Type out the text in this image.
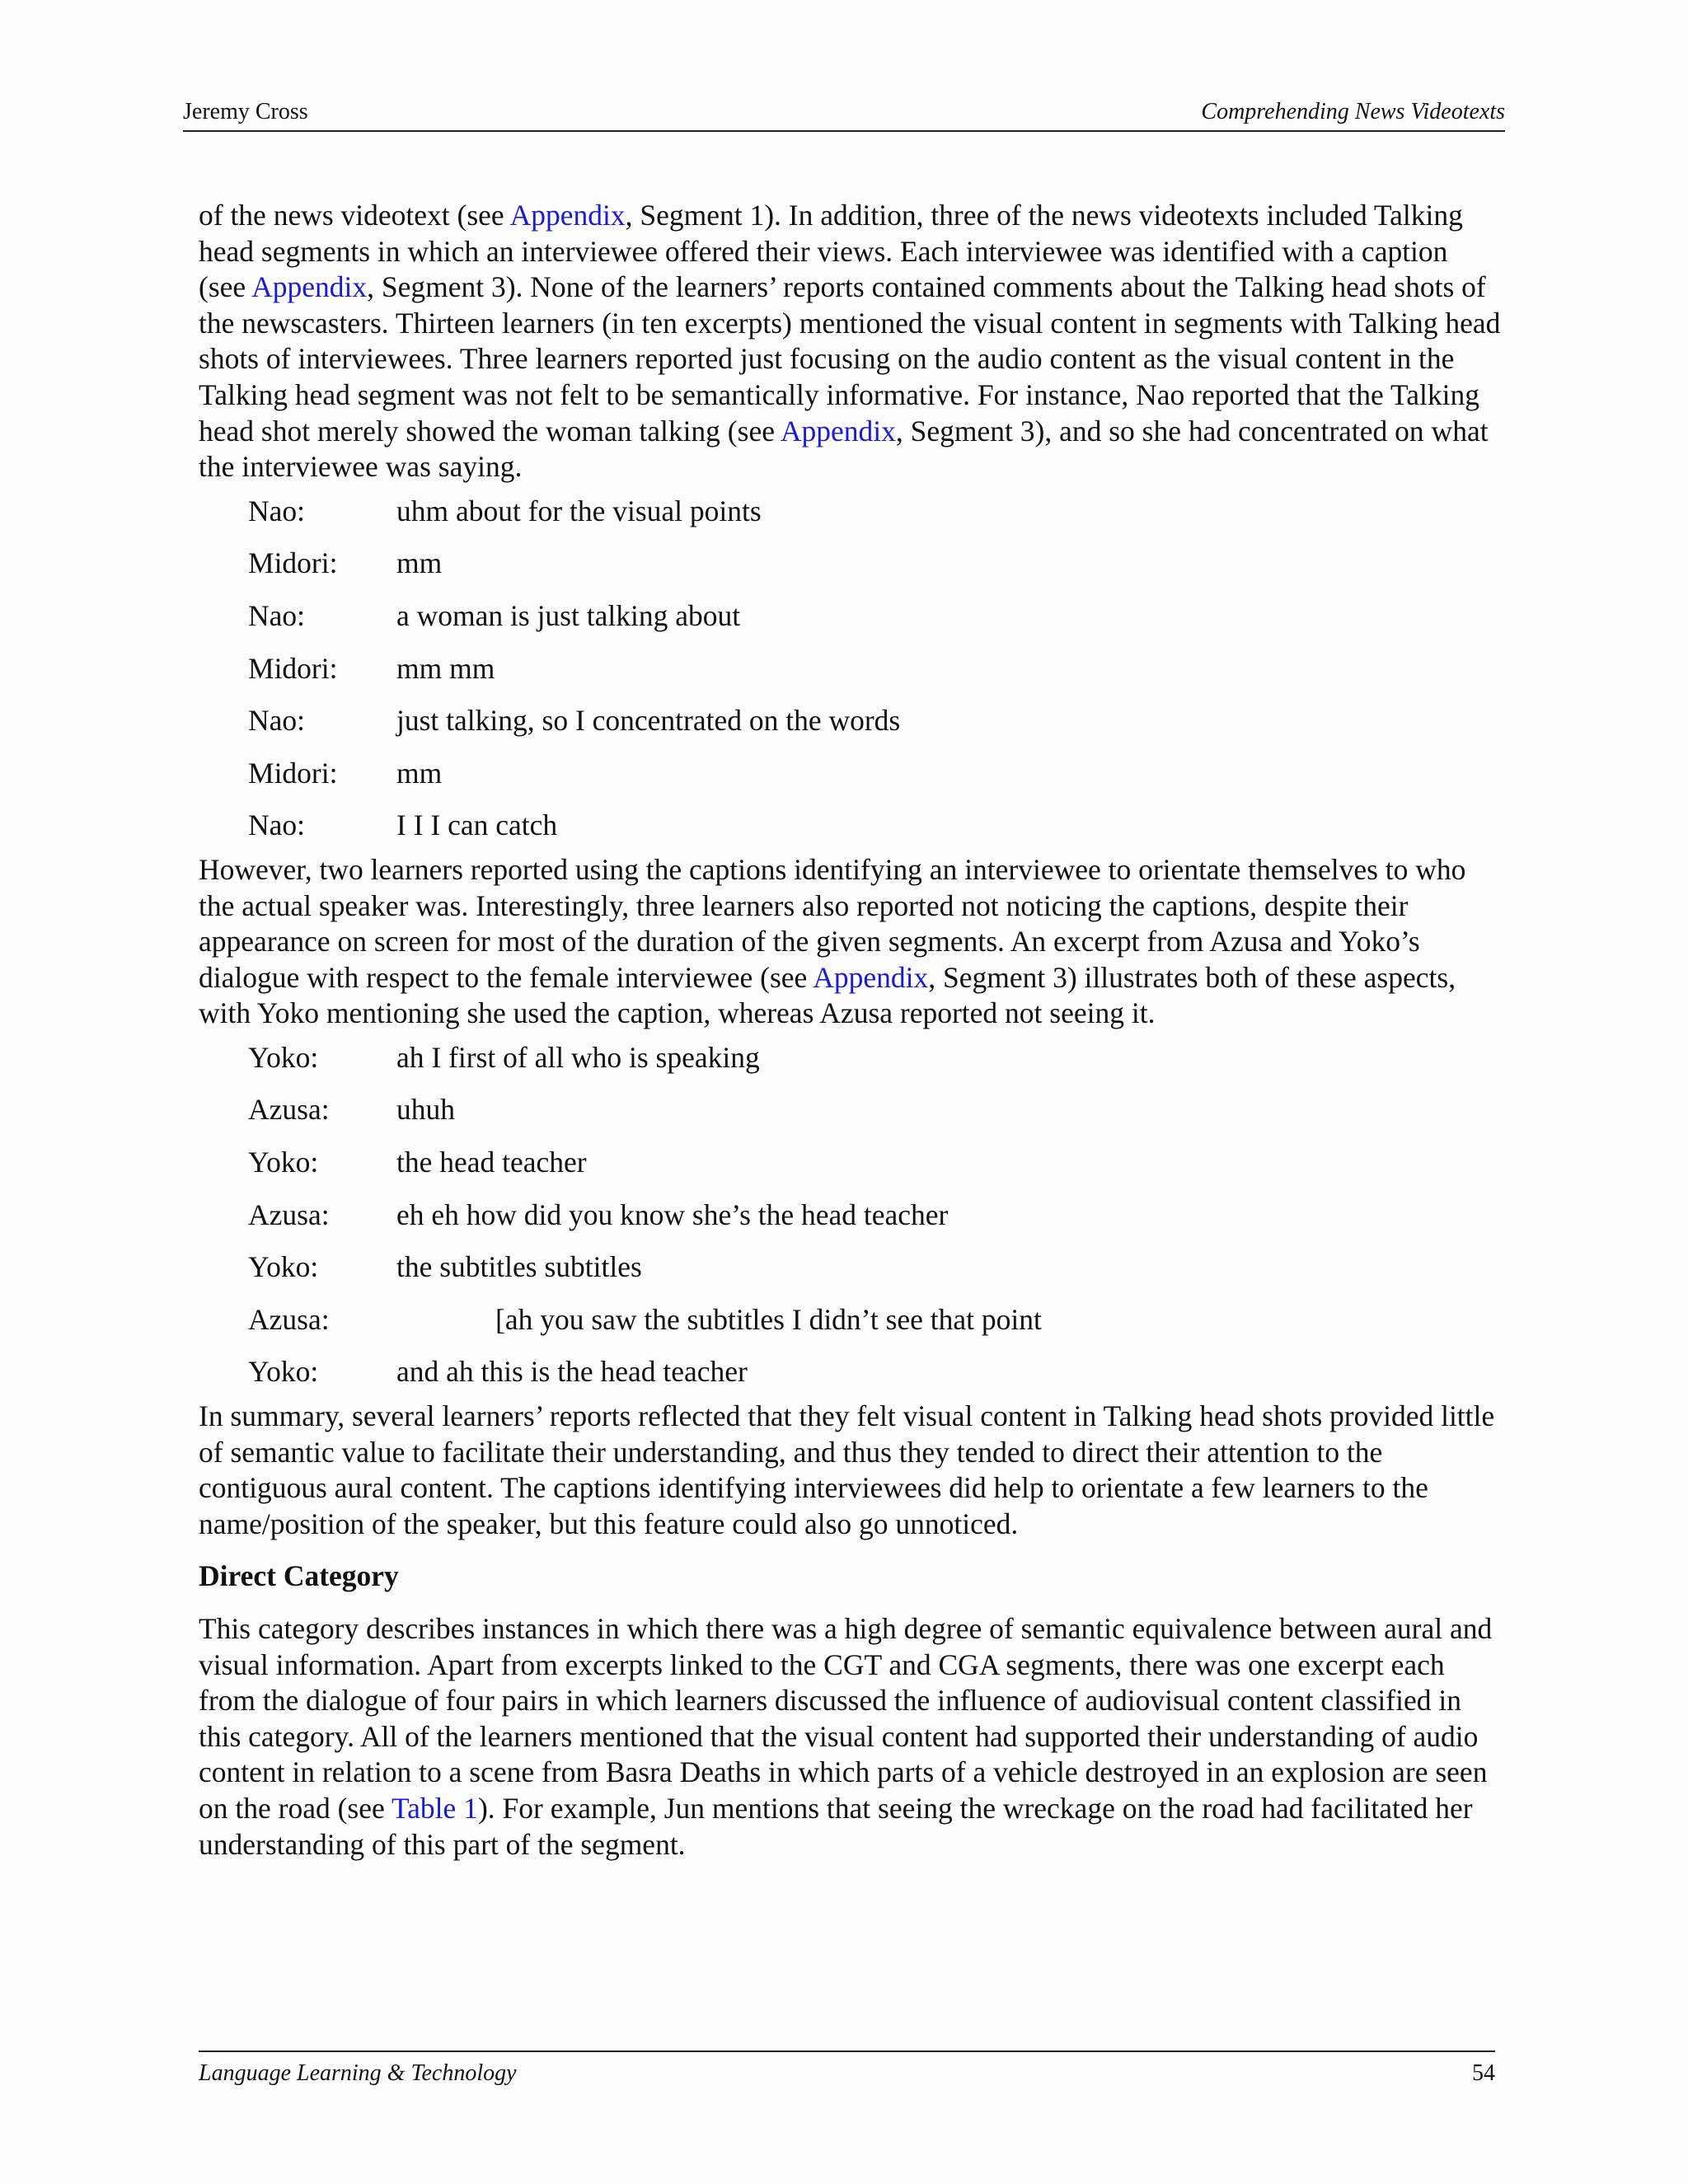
Jeremy Cross	Comprehending News Videotexts

of the news videotext (see Appendix, Segment 1). In addition, three of the news videotexts included Talking head segments in which an interviewee offered their views. Each interviewee was identified with a caption (see Appendix, Segment 3). None of the learners’ reports contained comments about the Talking head shots of the newscasters. Thirteen learners (in ten excerpts) mentioned the visual content in segments with Talking head shots of interviewees. Three learners reported just focusing on the audio content as the visual content in the Talking head segment was not felt to be semantically informative. For instance, Nao reported that the Talking head shot merely showed the woman talking (see Appendix, Segment 3), and so she had concentrated on what the interviewee was saying.

Nao:	uhm about for the visual points
Midori:	mm
Nao:	a woman is just talking about
Midori:	mm mm
Nao:	just talking, so I concentrated on the words
Midori:	mm
Nao:	I I I can catch

However, two learners reported using the captions identifying an interviewee to orientate themselves to who the actual speaker was. Interestingly, three learners also reported not noticing the captions, despite their appearance on screen for most of the duration of the given segments. An excerpt from Azusa and Yoko’s dialogue with respect to the female interviewee (see Appendix, Segment 3) illustrates both of these aspects, with Yoko mentioning she used the caption, whereas Azusa reported not seeing it.

Yoko:	ah I first of all who is speaking
Azusa:	uhuh
Yoko:	the head teacher
Azusa:	eh eh how did you know she’s the head teacher
Yoko:	the subtitles subtitles
Azusa:	[ah you saw the subtitles I didn’t see that point
Yoko:	and ah this is the head teacher

In summary, several learners’ reports reflected that they felt visual content in Talking head shots provided little of semantic value to facilitate their understanding, and thus they tended to direct their attention to the contiguous aural content. The captions identifying interviewees did help to orientate a few learners to the name/position of the speaker, but this feature could also go unnoticed.

Direct Category

This category describes instances in which there was a high degree of semantic equivalence between aural and visual information. Apart from excerpts linked to the CGT and CGA segments, there was one excerpt each from the dialogue of four pairs in which learners discussed the influence of audiovisual content classified in this category. All of the learners mentioned that the visual content had supported their understanding of audio content in relation to a scene from Basra Deaths in which parts of a vehicle destroyed in an explosion are seen on the road (see Table 1). For example, Jun mentions that seeing the wreckage on the road had facilitated her understanding of this part of the segment.

Language Learning & Technology	54
